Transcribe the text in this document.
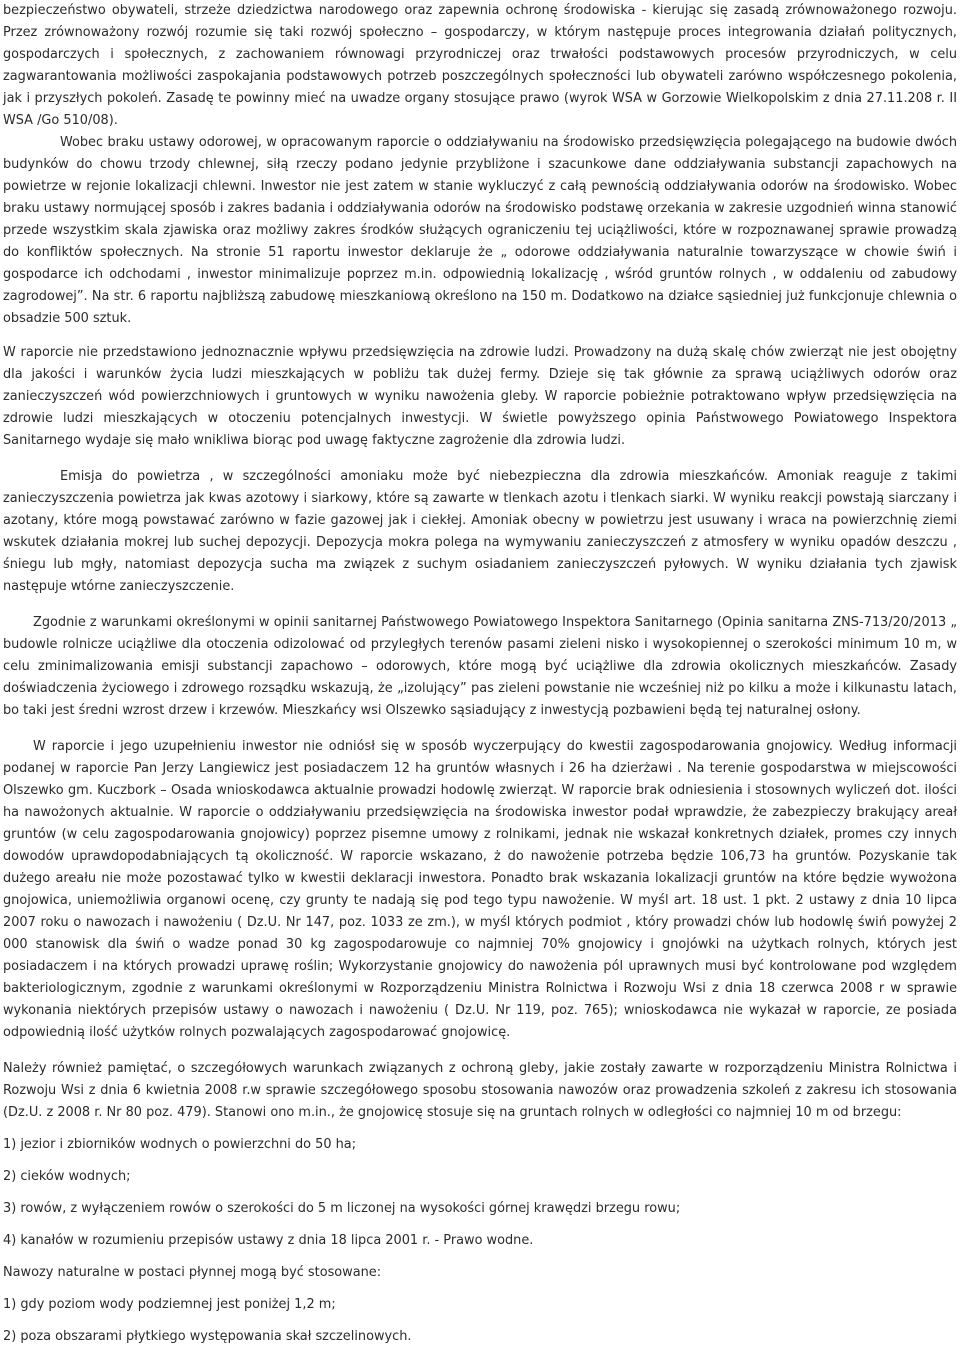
bezpieczeństwo obywateli, strzeże dziedzictwa narodowego oraz zapewnia ochronę środowiska - kierując się zasadą zrównoważonego rozwoju. Przez zrównoważony rozwój rozumie się taki rozwój społeczno – gospodarczy, w którym następuje proces integrowania działań politycznych, gospodarczych i społecznych, z zachowaniem równowagi przyrodniczej oraz trwałości podstawowych procesów przyrodniczych, w celu zagwarantowania możliwości zaspokajania podstawowych potrzeb poszczególnych społeczności lub obywateli zarówno współczesnego pokolenia, jak i przyszłych pokoleń. Zasadę te powinny mieć na uwadze organy stosujące prawo (wyrok WSA w Gorzowie Wielkopolskim z dnia 27.11.208 r. II WSA /Go 510/08).

Wobec braku ustawy odorowej, w opracowanym raporcie o oddziaływaniu na środowisko przedsięwzięcia polegającego na budowie dwóch budynków do chowu trzody chlewnej, siłą rzeczy podano jedynie przybliżone i szacunkowe dane oddziaływania substancji zapachowych na powietrze w rejonie lokalizacji chlewni. Inwestor nie jest zatem w stanie wykluczyć z całą pewnością oddziaływania odorów na środowisko. Wobec braku ustawy normującej sposób i zakres badania i oddziaływania odorów na środowisko podstawę orzekania w zakresie uzgodnień winna stanowić przede wszystkim skala zjawiska oraz możliwy zakres środków służących ograniczeniu tej uciążliwości, które w rozpoznawanej sprawie prowadzą do konfliktów społecznych. Na stronie 51 raportu inwestor deklaruje że „ odorowe oddziaływania naturalnie towarzyszące w chowie świń i gospodarce ich odchodami , inwestor minimalizuje poprzez m.in. odpowiednią lokalizację , wśród gruntów rolnych , w oddaleniu od zabudowy zagrodowej”. Na str. 6 raportu najbliższą zabudowę mieszkaniową określono na 150 m. Dodatkowo na działce sąsiedniej już funkcjonuje chlewnia o obsadzie 500 sztuk.

W raporcie nie przedstawiono jednoznacznie wpływu przedsięwzięcia na zdrowie ludzi. Prowadzony na dużą skalę chów zwierząt nie jest obojętny dla jakości i warunków życia ludzi mieszkających w pobliżu tak dużej fermy. Dzieje się tak głównie za sprawą uciążliwych odorów oraz zanieczyszczeń wód powierzchniowych i gruntowych w wyniku nawożenia gleby. W raporcie pobieżnie potraktowano wpływ przedsięwzięcia na zdrowie ludzi mieszkających w otoczeniu potencjalnych inwestycji. W świetle powyższego opinia Państwowego Powiatowego Inspektora Sanitarnego wydaje się mało wnikliwa biorąc pod uwagę faktyczne zagrożenie dla zdrowia ludzi.

Emisja do powietrza , w szczególności amoniaku może być niebezpieczna dla zdrowia mieszkańców. Amoniak reaguje z takimi zanieczyszczenia powietrza jak kwas azotowy i siarkowy, które są zawarte w tlenkach azotu i tlenkach siarki. W wyniku reakcji powstają siarczany i azotany, które mogą powstawać zarówno w fazie gazowej jak i ciekłej. Amoniak obecny w powietrzu jest usuwany i wraca na powierzchnię ziemi wskutek działania mokrej lub suchej depozycji. Depozycja mokra polega na wymywaniu zanieczyszczeń z atmosfery w wyniku opadów deszczu , śniegu lub mgły, natomiast depozycja sucha ma związek z suchym osiadaniem zanieczyszczeń pyłowych. W wyniku działania tych zjawisk następuje wtórne zanieczyszczenie.

Zgodnie z warunkami określonymi w opinii sanitarnej Państwowego Powiatowego Inspektora Sanitarnego (Opinia sanitarna ZNS-713/20/2013 „ budowle rolnicze uciążliwe dla otoczenia odizolować od przyległych terenów pasami zieleni nisko i wysokopiennej o szerokości minimum 10 m, w celu zminimalizowania emisji substancji zapachowo – odorowych, które mogą być uciążliwe dla zdrowia okolicznych mieszkańców. Zasady doświadczenia życiowego i zdrowego rozsądku wskazują, że „izolujący” pas zieleni powstanie nie wcześniej niż po kilku a może i kilkunastu latach, bo taki jest średni wzrost drzew i krzewów. Mieszkańcy wsi Olszewko sąsiadujący z inwestycją pozbawieni będą tej naturalnej osłony.

W raporcie i jego uzupełnieniu inwestor nie odniósł się w sposób wyczerpujący do kwestii zagospodarowania gnojowicy. Według informacji podanej w raporcie Pan Jerzy Langiewicz jest posiadaczem 12 ha gruntów własnych i 26 ha dzierżawi . Na terenie gospodarstwa w miejscowości Olszewko gm. Kuczbork – Osada wnioskodawca aktualnie prowadzi hodowlę zwierząt. W raporcie brak odniesienia i stosownych wyliczeń dot. ilości ha nawożonych aktualnie. W raporcie o oddziaływaniu przedsięwzięcia na środowiska inwestor podał wprawdzie, że zabezpieczy brakujący areał gruntów (w celu zagospodarowania gnojowicy) poprzez pisemne umowy z rolnikami, jednak nie wskazał konkretnych działek, promes czy innych dowodów uprawdopodabniających tą okoliczność. W raporcie wskazano, ż do nawożenie potrzeba będzie 106,73 ha gruntów. Pozyskanie tak dużego areału nie może pozostawać tylko w kwestii deklaracji inwestora. Ponadto brak wskazania lokalizacji gruntów na które będzie wywożona gnojowica, uniemożliwia organowi ocenę, czy grunty te nadają się pod tego typu nawożenie. W myśl art. 18 ust. 1 pkt. 2 ustawy z dnia 10 lipca 2007 roku o nawozach i nawożeniu ( Dz.U. Nr 147, poz. 1033 ze zm.), w myśl których podmiot , który prowadzi chów lub hodowlę świń powyżej 2 000 stanowisk dla świń o wadze ponad 30 kg zagospodarowuje co najmniej 70% gnojowicy i gnojówki na użytkach rolnych, których jest posiadaczem i na których prowadzi uprawę roślin; Wykorzystanie gnojowicy do nawożenia pól uprawnych musi być kontrolowane pod względem bakteriologicznym, zgodnie z warunkami określonymi w Rozporządzeniu Ministra Rolnictwa i Rozwoju Wsi z dnia 18 czerwca 2008 r w sprawie wykonania niektórych przepisów ustawy o nawozach i nawożeniu ( Dz.U. Nr 119, poz. 765); wnioskodawca nie wykazał w raporcie, ze posiada odpowiednią ilość użytków rolnych pozwalających zagospodarować gnojowicę.

Należy również pamiętać, o szczegółowych warunkach związanych z ochroną gleby, jakie zostały zawarte w rozporządzeniu Ministra Rolnictwa i Rozwoju Wsi z dnia 6 kwietnia 2008 r.w sprawie szczegółowego sposobu stosowania nawozów oraz prowadzenia szkoleń z zakresu ich stosowania (Dz.U. z 2008 r. Nr 80 poz. 479). Stanowi ono m.in., że gnojowicę stosuje się na gruntach rolnych w odległości co najmniej 10 m od brzegu:

1) jezior i zbiorników wodnych o powierzchni do 50 ha;

2) cieków wodnych;

3) rowów, z wyłączeniem rowów o szerokości do 5 m liczonej na wysokości górnej krawędzi brzegu rowu;

4) kanałów w rozumieniu przepisów ustawy z dnia 18 lipca 2001 r. - Prawo wodne.

Nawozy naturalne w postaci płynnej mogą być stosowane:

1) gdy poziom wody podziemnej jest poniżej 1,2 m;

2) poza obszarami płytkiego występowania skał szczelinowych.
